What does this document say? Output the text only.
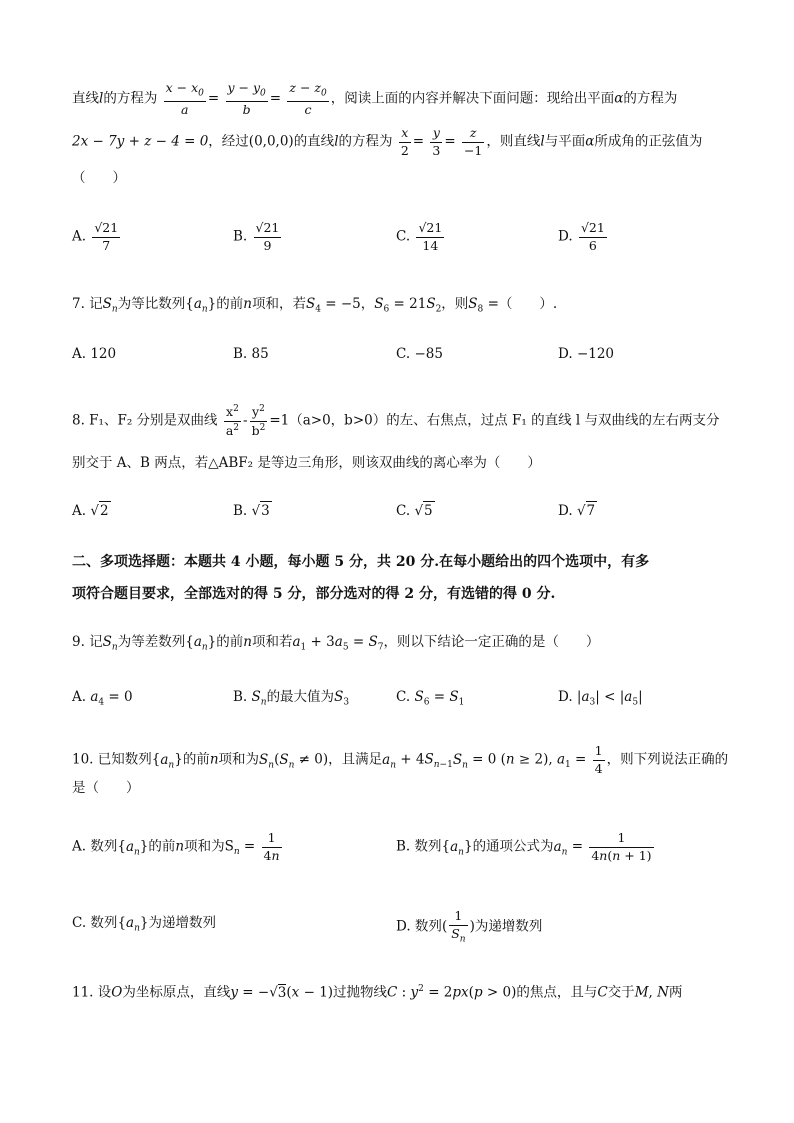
直线l的方程为 $\frac{x - x_0}{a} = \frac{y - y_0}{b} = \frac{z - z_0}{c}$ ，阅读上面的内容并解决下面问题：现给出平面α的方程为
2x − 7y + z − 4 = 0，经过(0,0,0)的直线l的方程为 $\frac{x}{2} = \frac{y}{3} = \frac{z}{-1}$ ，则直线l与平面α所成角的正弦值为
（　　）
A. $\frac{√21}{7}$	B. $\frac{√21}{9}$	C. $\frac{√21}{14}$	D. $\frac{√21}{6}$
7. 记$S_n$为等比数列$\{a_n\}$的前n项和，若$S_4 = -5$，$S_6 = 21S_2$，则$S_8$ =（　　）.
A. 120	B. 85	C. −85	D. −120
8. F₁、F₂ 分别是双曲线 $\frac{x^2}{a^2} - \frac{y^2}{b^2} =1(a>0$，b>0）的左、右焦点，过点 F₁ 的直线 l 与双曲线的左右两支分
别交于 A、B 两点，若△ABF₂ 是等边三角形，则该双曲线的离心率为（　　）
A. √2	B. √3	C. √5	D. √7
二、多项选择题：本题共 4 小题，每小题 5 分，共 20 分.在每小题给出的四个选项中，有多
项符合题目要求，全部选对的得 5 分，部分选对的得 2 分，有选错的得 0 分.
9. 记$S_n$为等差数列$\{a_n\}$的前n项和若$a_1 + 3a_5 = S_7$，则以下结论一定正确的是（　　）
A. $a_4 = 0$	B. $S_n$的最大值为$S_3$	C. $S_6 = S_1$	D. $|a_3| < |a_5|$
10. 已知数列$\{a_n\}$的前n项和为$S_n(S_n \ne 0)$，且满足$a_n + 4S_{n-1}S_n = 0$ (n ≥ 2), $a_1 = \frac{1}{4}$ ，则下列说法正确的
是（　　）
A. 数列$\{a_n\}$的前n项和为$S_n = \frac{1}{4n}$	B. 数列$\{a_n\}$的通项公式为$a_n = \frac{1}{4n(n + 1)}$
C. 数列$\{a_n\}$为递增数列	D. 数列( $\frac{1}{S_n}$ )为递增数列
11. 设O为坐标原点，直线y = −√3(x − 1)过抛物线C : $y^2 = 2px(p > 0)$的焦点，且与C交于M, N两
